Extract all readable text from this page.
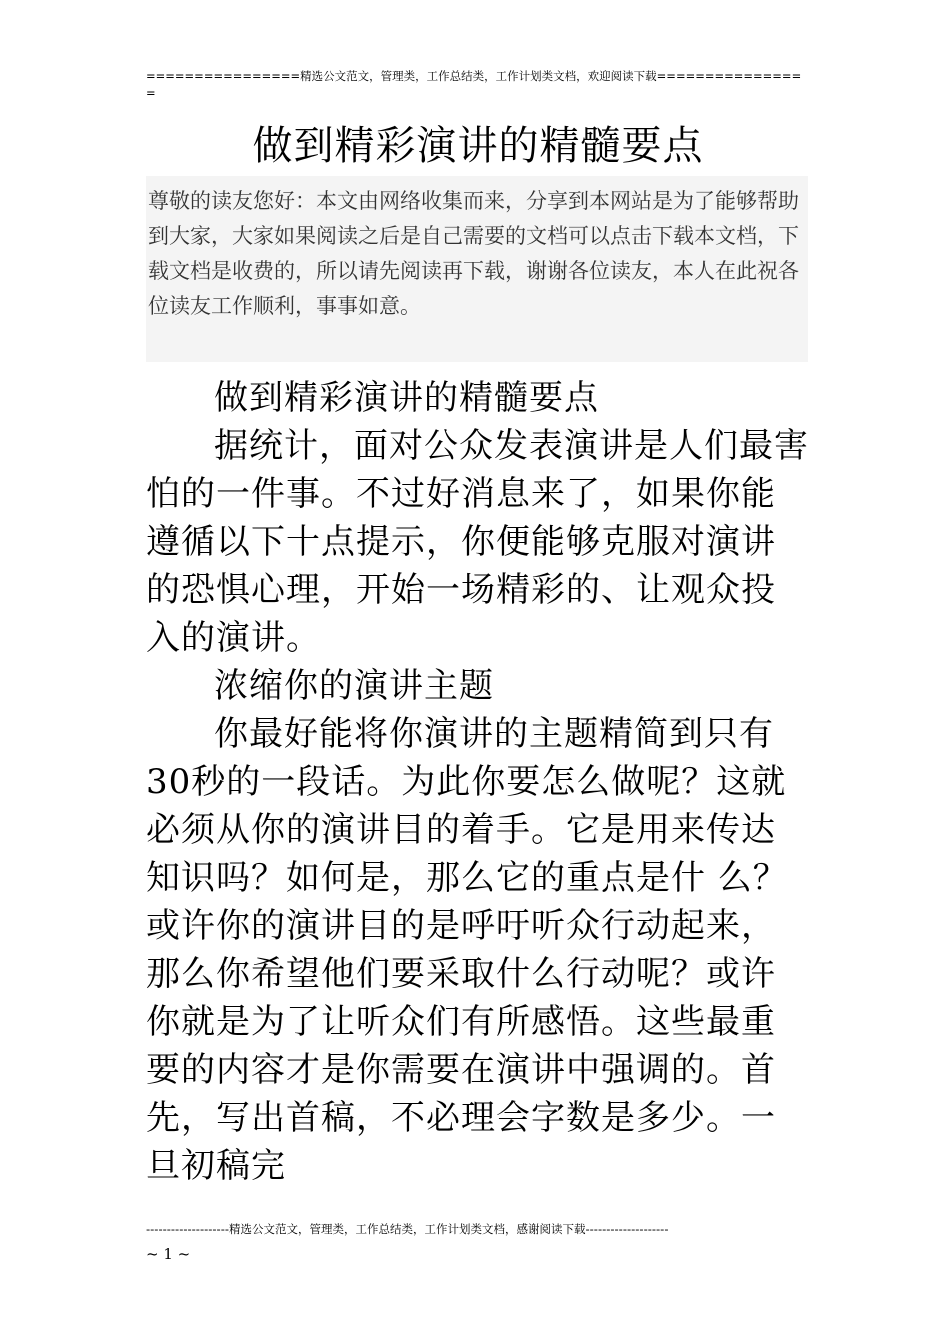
================精选公文范文，管理类，工作总结类，工作计划类文档，欢迎阅读下载================
做到精彩演讲的精髓要点
尊敬的读友您好：本文由网络收集而来，分享到本网站是为了能够帮助到大家，大家如果阅读之后是自己需要的文档可以点击下载本文档，下载文档是收费的，所以请先阅读再下载，谢谢各位读友，本人在此祝各位读友工作顺利，事事如意。

做到精彩演讲的精髓要点

据统计，面对公众发表演讲是人们最害怕的一件事。不过好消息来了，如果你能遵循以下十点提示，你便能够克服对演讲的恐惧心理，开始一场精彩的、让观众投入的演讲。

浓缩你的演讲主题

你最好能将你演讲的主题精简到只有30秒的一段话。为此你要怎么做呢？这就必须从你的演讲目的着手。它是用来传达知识吗？如何是，那么它的重点是什 么？或许你的演讲目的是呼吁听众行动起来，那么你希望他们要采取什么行动呢？或许你就是为了让听众们有所感悟。这些最重要的内容才是你需要在演讲中强调的。首先，写出首稿，不必理会字数是多少。一旦初稿完

--------------------精选公文范文，管理类，工作总结类，工作计划类文档，感谢阅读下载--------------------
~ 1 ~
